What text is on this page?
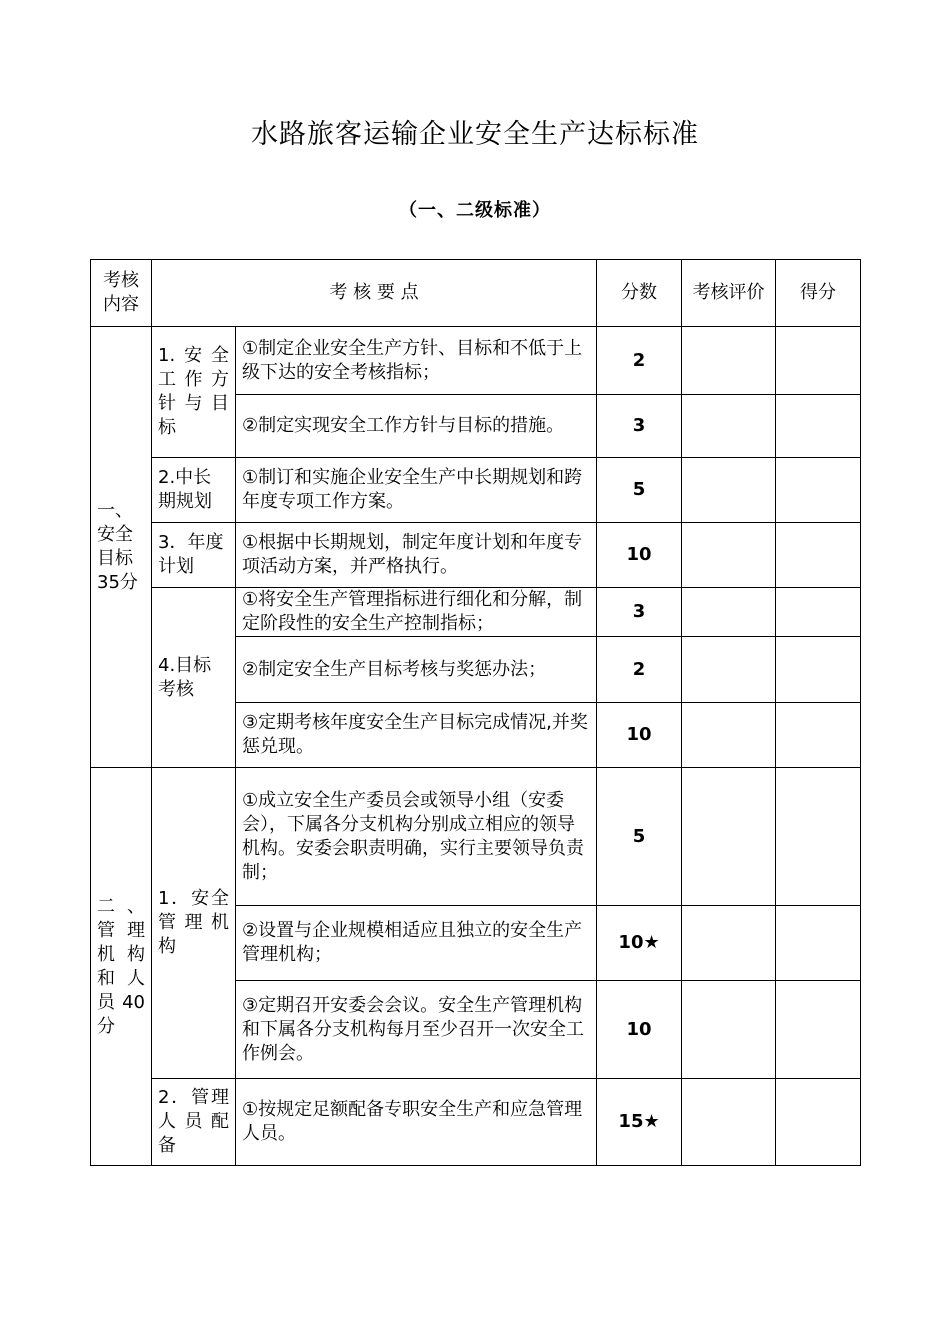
水路旅客运输企业安全生产达标标准
（一、二级标准）
考核内容	考 核 要 点		分数	考核评价	得分
一、安全目标35分	1.安全工作方针与目标	①制定企业安全生产方针、目标和不低于上级下达的安全考核指标；	2		
		②制定实现安全工作方针与目标的措施。	3		
	2.中长期规划	①制订和实施企业安全生产中长期规划和跨年度专项工作方案。	5		
	3．年度计划	①根据中长期规划，制定年度计划和年度专项活动方案，并严格执行。	10		
	4.目标考核	①将安全生产管理指标进行细化和分解，制定阶段性的安全生产控制指标；	3		
		②制定安全生产目标考核与奖惩办法；	2		
		③定期考核年度安全生产目标完成情况,并奖惩兑现。	10		
二、管理机构和人员40分	1．安全管理机构	①成立安全生产委员会或领导小组（安委会），下属各分支机构分别成立相应的领导机构。安委会职责明确，实行主要领导负责制；	5		
		②设置与企业规模相适应且独立的安全生产管理机构；	10★		
		③定期召开安委会会议。安全生产管理机构和下属各分支机构每月至少召开一次安全工作例会。	10		
	2．管理人员配备	①按规定足额配备专职安全生产和应急管理人员。	15★		
